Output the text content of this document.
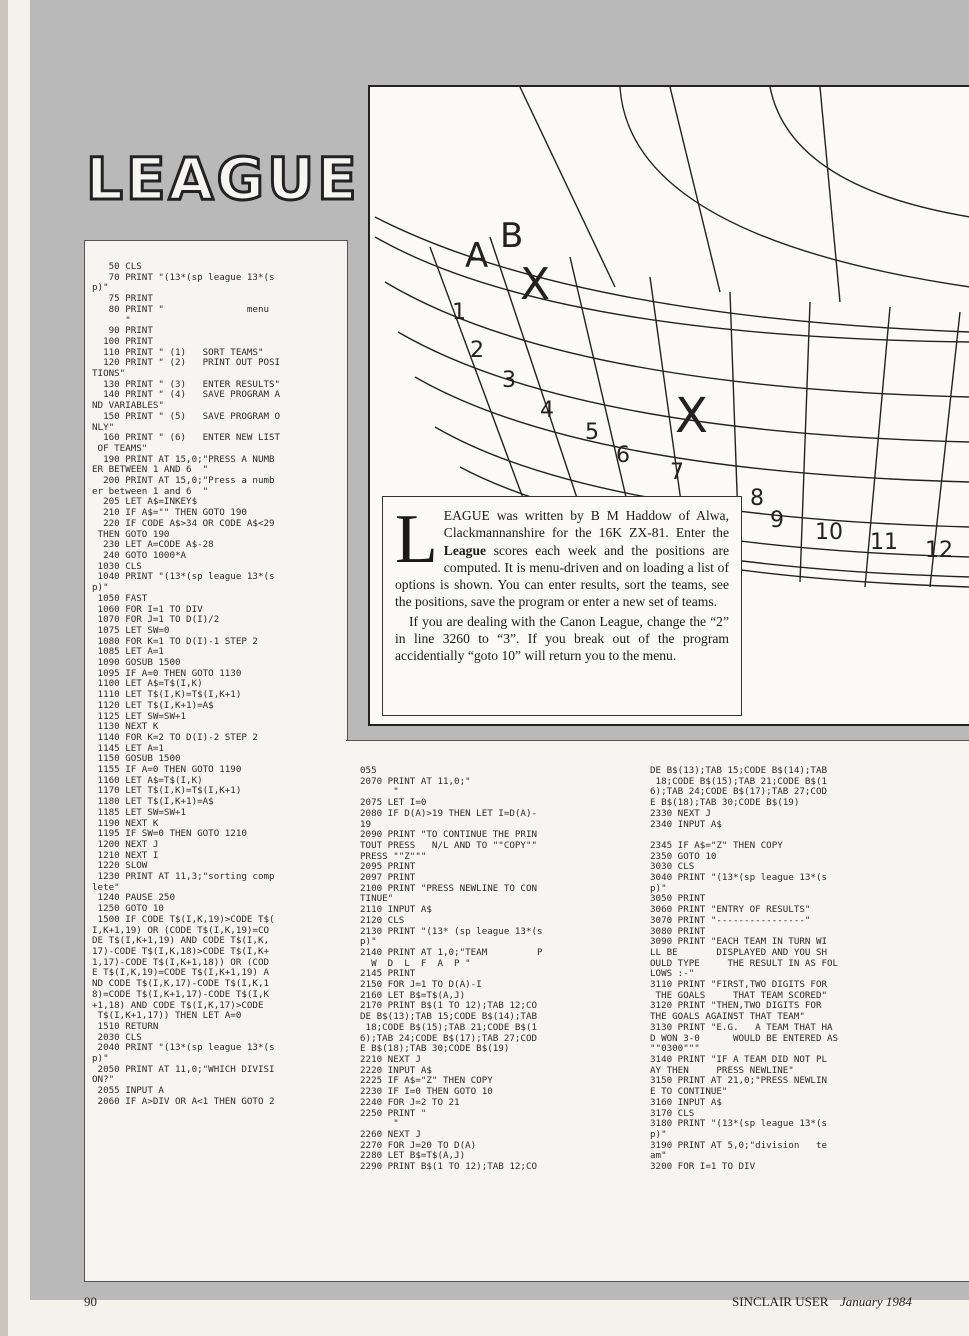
LEAGUE
A B
X
X
1
2
3
4
5
6
7
8
9 10 11 12

LEAGUE was written by B M Haddow of Alwa, Clackmannanshire for the 16K ZX-81. Enter the League scores each week and the positions are computed. It is menu-driven and on loading a list of options is shown. You can enter results, sort the teams, see the positions, save the program or enter a new set of teams.

If you are dealing with the Canon League, change the “2” in line 3260 to “3”. If you break out of the program accidentially “goto 10” will return you to the menu.

50 CLS
70 PRINT "(13*(sp league 13*(s
p)"
75 PRINT
80 PRINT "               menu
"
90 PRINT
100 PRINT
110 PRINT " (1)   SORT TEAMS"
120 PRINT " (2)   PRINT OUT POSI
TIONS"
130 PRINT " (3)   ENTER RESULTS"
140 PRINT " (4)   SAVE PROGRAM A
ND VARIABLES"
150 PRINT " (5)   SAVE PROGRAM O
NLY"
160 PRINT " (6)   ENTER NEW LIST
OF TEAMS"
190 PRINT AT 15,0;"PRESS A NUMB
ER BETWEEN 1 AND 6  "
200 PRINT AT 15,0;"Press a numb
er between 1 and 6  "
205 LET A$=INKEY$
210 IF A$="" THEN GOTO 190
220 IF CODE A$>34 OR CODE A$<29
THEN GOTO 190
230 LET A=CODE A$-28
240 GOTO 1000*A
1030 CLS
1040 PRINT "(13*(sp league 13*(s
p)"
1050 FAST
1060 FOR I=1 TO DIV
1070 FOR J=1 TO D(I)/2
1075 LET SW=0
1080 FOR K=1 TO D(I)-1 STEP 2
1085 LET A=1
1090 GOSUB 1500
1095 IF A=0 THEN GOTO 1130
1100 LET A$=T$(I,K)
1110 LET T$(I,K)=T$(I,K+1)
1120 LET T$(I,K+1)=A$
1125 LET SW=SW+1
1130 NEXT K
1140 FOR K=2 TO D(I)-2 STEP 2
1145 LET A=1
1150 GOSUB 1500
1155 IF A=0 THEN GOTO 1190
1160 LET A$=T$(I,K)
1170 LET T$(I,K)=T$(I,K+1)
1180 LET T$(I,K+1)=A$
1185 LET SW=SW+1
1190 NEXT K
1195 IF SW=0 THEN GOTO 1210
1200 NEXT J
1210 NEXT I
1220 SLOW
1230 PRINT AT 11,3;"sorting comp
lete"
1240 PAUSE 250
1250 GOTO 10
1500 IF CODE T$(I,K,19)>CODE T$(
I,K+1,19) OR (CODE T$(I,K,19)=CO
DE T$(I,K+1,19) AND CODE T$(I,K,
17)-CODE T$(I,K,18)>CODE T$(I,K+
1,17)-CODE T$(I,K+1,18)) OR (COD
E T$(I,K,19)=CODE T$(I,K+1,19) A
ND CODE T$(I,K,17)-CODE T$(I,K,1
8)=CODE T$(I,K+1,17)-CODE T$(I,K
+1,18) AND CODE T$(I,K,17)>CODE
T$(I,K+1,17)) THEN LET A=0
1510 RETURN
2030 CLS
2040 PRINT "(13*(sp league 13*(s
p)"
2050 PRINT AT 11,0;"WHICH DIVISI
ON?"
2055 INPUT A
2060 IF A>DIV OR A<1 THEN GOTO 2
055
2070 PRINT AT 11,0;"
"
2075 LET I=0
2080 IF D(A)>19 THEN LET I=D(A)-
19
2090 PRINT "TO CONTINUE THE PRIN
TOUT PRESS   N/L AND TO ""COPY""
PRESS ""Z"""
2095 PRINT
2097 PRINT
2100 PRINT "PRESS NEWLINE TO CON
TINUE"
2110 INPUT A$
2120 CLS
2130 PRINT "(13* (sp league 13*(s
p)"
2140 PRINT AT 1,0;"TEAM         P
W  D  L  F  A  P "
2145 PRINT
2150 FOR J=1 TO D(A)-I
2160 LET B$=T$(A,J)
2170 PRINT B$(1 TO 12);TAB 12;CO
DE B$(13);TAB 15;CODE B$(14);TAB
18;CODE B$(15);TAB 21;CODE B$(1
6);TAB 24;CODE B$(17);TAB 27;COD
E B$(18);TAB 30;CODE B$(19)
2210 NEXT J
2220 INPUT A$
2225 IF A$="Z" THEN COPY
2230 IF I=0 THEN GOTO 10
2240 FOR J=2 TO 21
2250 PRINT "
"
2260 NEXT J
2270 FOR J=20 TO D(A)
2280 LET B$=T$(A,J)
2290 PRINT B$(1 TO 12);TAB 12;CO
DE B$(13);TAB 15;CODE B$(14);TAB
18;CODE B$(15);TAB 21;CODE B$(1
6);TAB 24;CODE B$(17);TAB 27;COD
E B$(18);TAB 30;CODE B$(19)
2330 NEXT J
2340 INPUT A$

2345 IF A$="Z" THEN COPY
2350 GOTO 10
3030 CLS
3040 PRINT "(13*(sp league 13*(s
p)"
3050 PRINT
3060 PRINT "ENTRY OF RESULTS"
3070 PRINT "----------------"
3080 PRINT
3090 PRINT "EACH TEAM IN TURN WI
LL BE       DISPLAYED AND YOU SH
OULD TYPE     THE RESULT IN AS FOL
LOWS :-"
3110 PRINT "FIRST,TWO DIGITS FOR
THE GOALS     THAT TEAM SCORED"
3120 PRINT "THEN,TWO DIGITS FOR
THE GOALS AGAINST THAT TEAM"
3130 PRINT "E.G.   A TEAM THAT HA
D WON 3-0      WOULD BE ENTERED AS
""0300"""
3140 PRINT "IF A TEAM DID NOT PL
AY THEN     PRESS NEWLINE"
3150 PRINT AT 21,0;"PRESS NEWLIN
E TO CONTINUE"
3160 INPUT A$
3170 CLS
3180 PRINT "(13*(sp league 13*(s
p)"
3190 PRINT AT 5,0;"division   te
am"
3200 FOR I=1 TO DIV
90	SINCLAIR USER January 1984
